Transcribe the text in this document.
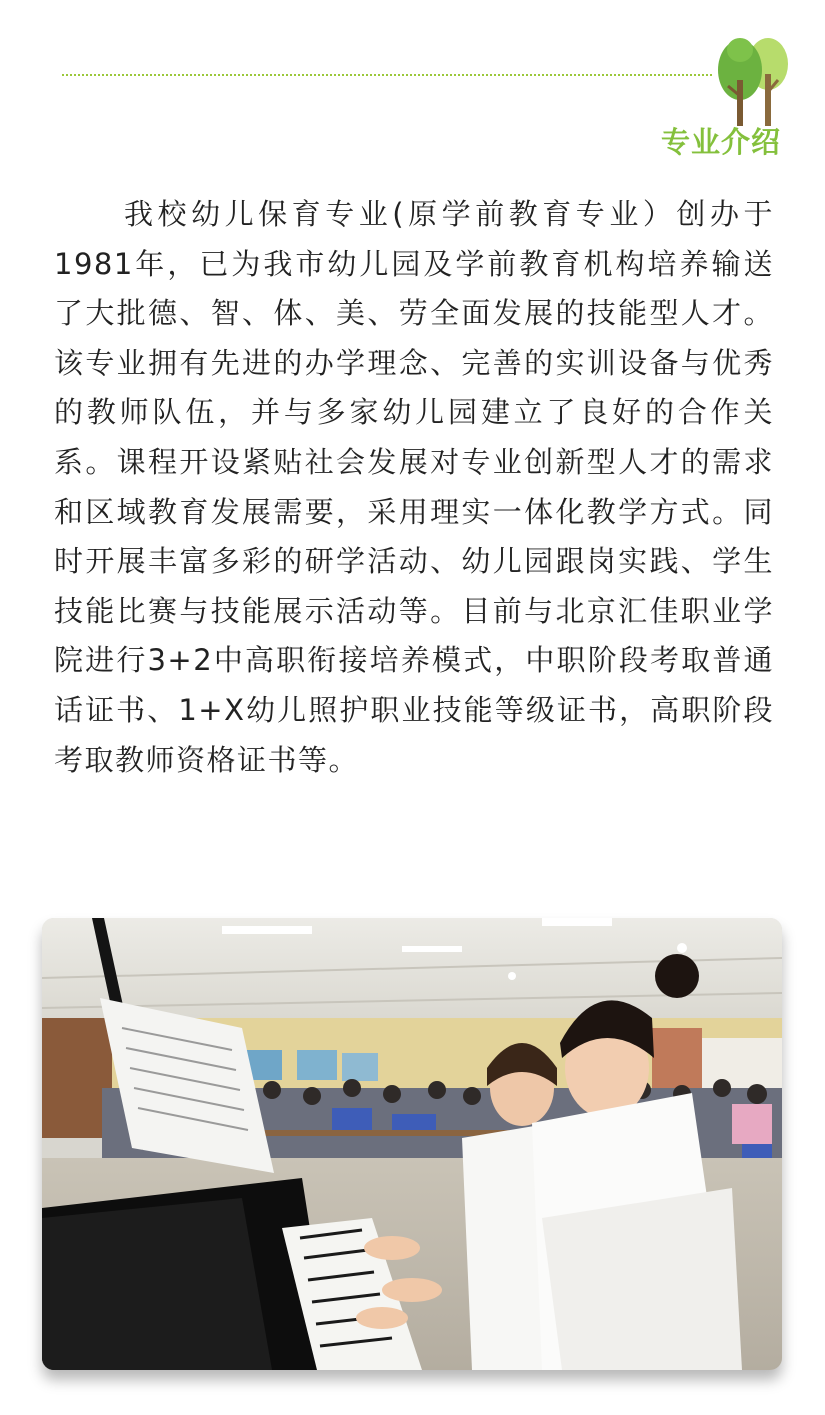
专业介绍

我校幼儿保育专业(原学前教育专业）创办于1981年，已为我市幼儿园及学前教育机构培养输送了大批德、智、体、美、劳全面发展的技能型人才。该专业拥有先进的办学理念、完善的实训设备与优秀的教师队伍，并与多家幼儿园建立了良好的合作关系。课程开设紧贴社会发展对专业创新型人才的需求和区域教育发展需要，采用理实一体化教学方式。同时开展丰富多彩的研学活动、幼儿园跟岗实践、学生技能比赛与技能展示活动等。目前与北京汇佳职业学院进行3+2中高职衔接培养模式，中职阶段考取普通话证书、1+X幼儿照护职业技能等级证书，高职阶段考取教师资格证书等。
